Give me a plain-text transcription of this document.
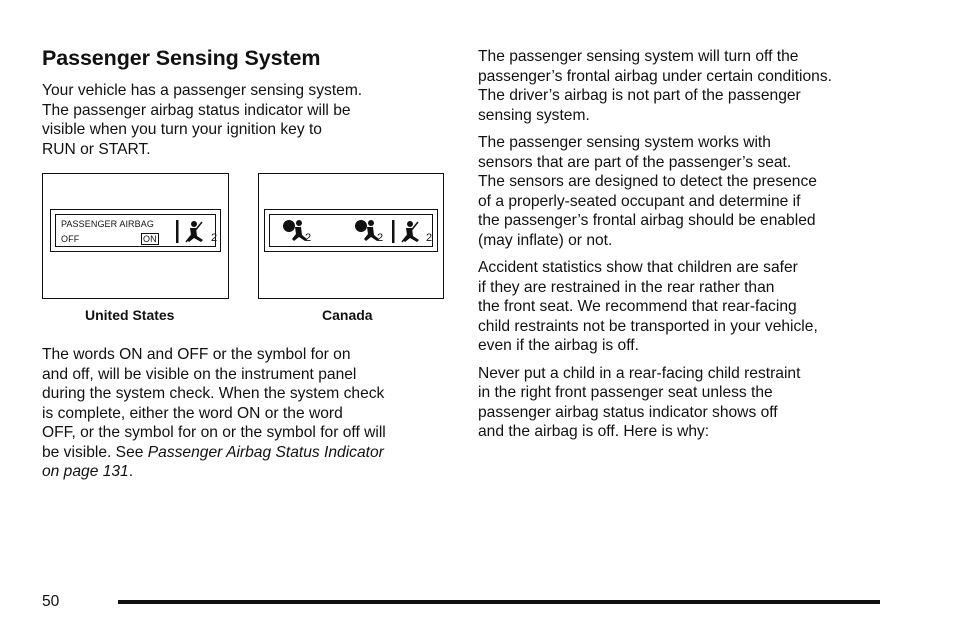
Passenger Sensing System

Your vehicle has a passenger sensing system.
The passenger airbag status indicator will be
visible when you turn your ignition key to
RUN or START.

PASSENGER AIRBAG
OFF	ON	2	2	2	2
United States	Canada

The words ON and OFF or the symbol for on
and off, will be visible on the instrument panel
during the system check. When the system check
is complete, either the word ON or the word
OFF, or the symbol for on or the symbol for off will
be visible. See Passenger Airbag Status Indicator
on page 131.

The passenger sensing system will turn off the
passenger’s frontal airbag under certain conditions.
The driver’s airbag is not part of the passenger
sensing system.

The passenger sensing system works with
sensors that are part of the passenger’s seat.
The sensors are designed to detect the presence
of a properly-seated occupant and determine if
the passenger’s frontal airbag should be enabled
(may inflate) or not.

Accident statistics show that children are safer
if they are restrained in the rear rather than
the front seat. We recommend that rear-facing
child restraints not be transported in your vehicle,
even if the airbag is off.

Never put a child in a rear-facing child restraint
in the right front passenger seat unless the
passenger airbag status indicator shows off
and the airbag is off. Here is why:

50
